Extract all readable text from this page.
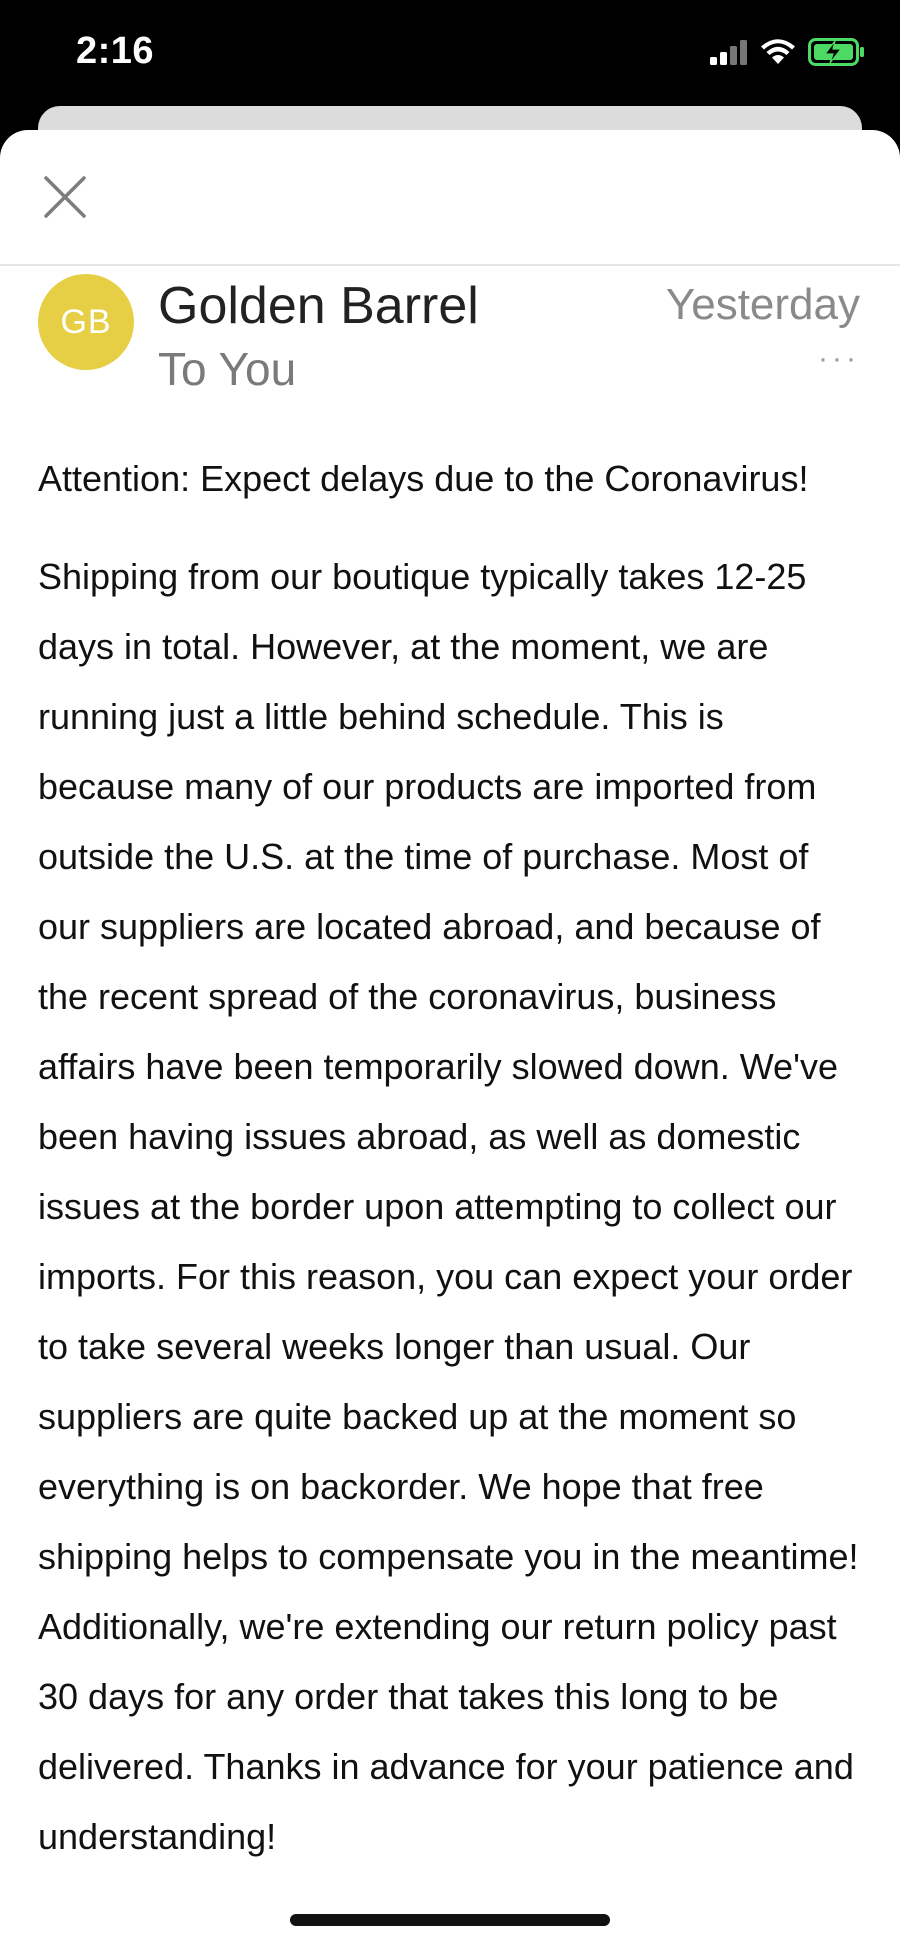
2:16
GB Golden Barrel
To You
Yesterday
···

Attention: Expect delays due to the Coronavirus!

Shipping from our boutique typically takes 12-25 days in total. However, at the moment, we are running just a little behind schedule. This is because many of our products are imported from outside the U.S. at the time of purchase. Most of our suppliers are located abroad, and because of the recent spread of the coronavirus, business affairs have been temporarily slowed down. We've been having issues abroad, as well as domestic issues at the border upon attempting to collect our imports. For this reason, you can expect your order to take several weeks longer than usual. Our suppliers are quite backed up at the moment so everything is on backorder. We hope that free shipping helps to compensate you in the meantime! Additionally, we're extending our return policy past 30 days for any order that takes this long to be delivered. Thanks in advance for your patience and understanding!
